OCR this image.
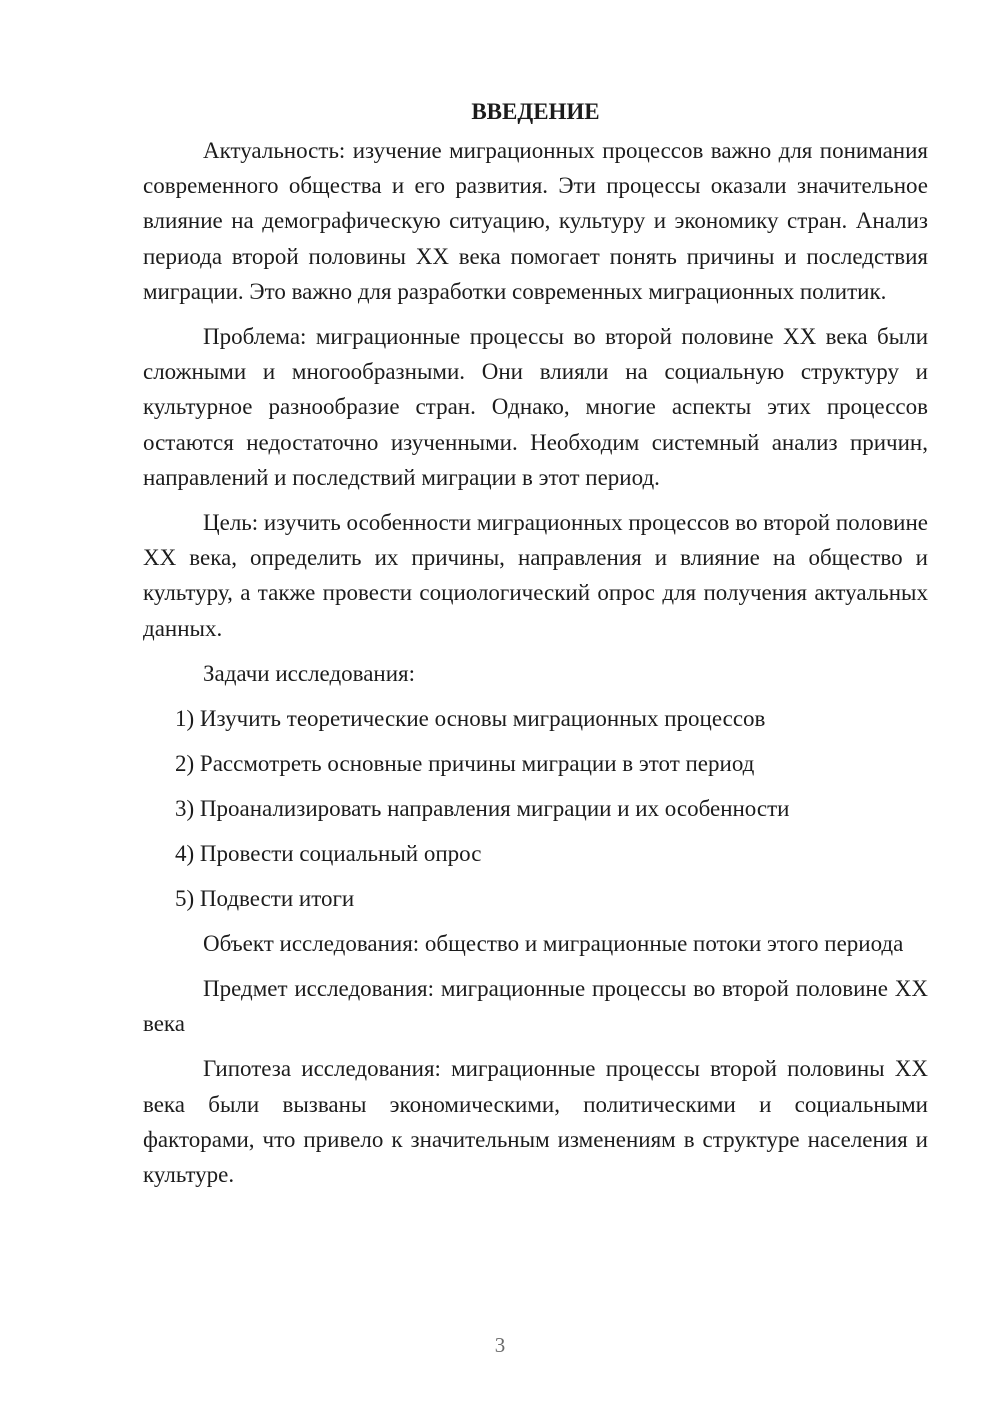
ВВЕДЕНИЕ

Актуальность: изучение миграционных процессов важно для понимания современного общества и его развития. Эти процессы оказали значительное влияние на демографическую ситуацию, культуру и экономику стран. Анализ периода второй половины XX века помогает понять причины и последствия миграции. Это важно для разработки современных миграционных политик.

Проблема: миграционные процессы во второй половине XX века были сложными и многообразными. Они влияли на социальную структуру и культурное разнообразие стран. Однако, многие аспекты этих процессов остаются недостаточно изученными. Необходим системный анализ причин, направлений и последствий миграции в этот период.

Цель: изучить особенности миграционных процессов во второй половине XX века, определить их причины, направления и влияние на общество и культуру, а также провести социологический опрос для получения актуальных данных.

Задачи исследования:
1) Изучить теоретические основы миграционных процессов
2) Рассмотреть основные причины миграции в этот период
3) Проанализировать направления миграции и их особенности
4) Провести социальный опрос
5) Подвести итоги

Объект исследования: общество и миграционные потоки этого периода

Предмет исследования: миграционные процессы во второй половине XX века

Гипотеза исследования: миграционные процессы второй половины XX века были вызваны экономическими, политическими и социальными факторами, что привело к значительным изменениям в структуре населения и культуре.

3
